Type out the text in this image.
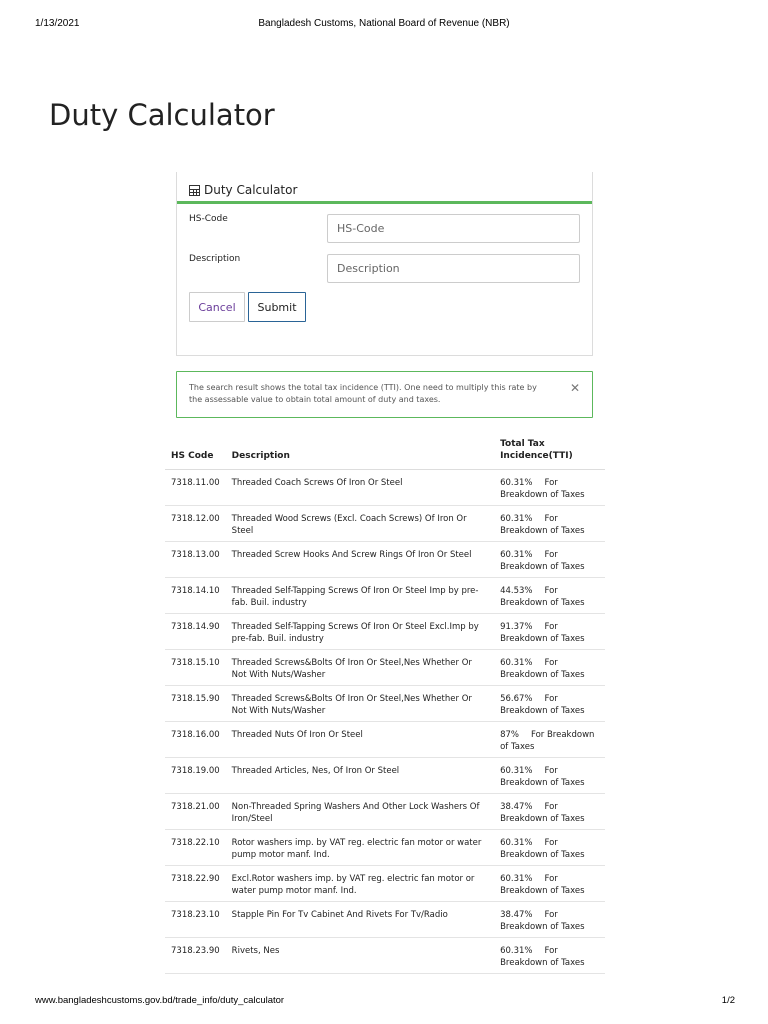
1/13/2021	Bangladesh Customs, National Board of Revenue (NBR)
Duty Calculator
Duty Calculator
HS-Code
HS-Code
Description
Description
Cancel	Submit
The search result shows the total tax incidence (TTI). One need to multiply this rate by the assessable value to obtain total amount of duty and taxes.
✕
HS Code	Description	Total Tax Incidence(TTI)
7318.11.00	Threaded Coach Screws Of Iron Or Steel	60.31% For Breakdown of Taxes
7318.12.00	Threaded Wood Screws (Excl. Coach Screws) Of Iron Or Steel	60.31% For Breakdown of Taxes
7318.13.00	Threaded Screw Hooks And Screw Rings Of Iron Or Steel	60.31% For Breakdown of Taxes
7318.14.10	Threaded Self-Tapping Screws Of Iron Or Steel Imp by pre-fab. Buil. industry	44.53% For Breakdown of Taxes
7318.14.90	Threaded Self-Tapping Screws Of Iron Or Steel Excl.Imp by pre-fab. Buil. industry	91.37% For Breakdown of Taxes
7318.15.10	Threaded Screws&Bolts Of Iron Or Steel,Nes Whether Or Not With Nuts/Washer	60.31% For Breakdown of Taxes
7318.15.90	Threaded Screws&Bolts Of Iron Or Steel,Nes Whether Or Not With Nuts/Washer	56.67% For Breakdown of Taxes
7318.16.00	Threaded Nuts Of Iron Or Steel	87% For Breakdown of Taxes
7318.19.00	Threaded Articles, Nes, Of Iron Or Steel	60.31% For Breakdown of Taxes
7318.21.00	Non-Threaded Spring Washers And Other Lock Washers Of Iron/Steel	38.47% For Breakdown of Taxes
7318.22.10	Rotor washers imp. by VAT reg. electric fan motor or water pump motor manf. Ind.	60.31% For Breakdown of Taxes
7318.22.90	Excl.Rotor washers imp. by VAT reg. electric fan motor or water pump motor manf. Ind.	60.31% For Breakdown of Taxes
7318.23.10	Stapple Pin For Tv Cabinet And Rivets For Tv/Radio	38.47% For Breakdown of Taxes
7318.23.90	Rivets, Nes	60.31% For Breakdown of Taxes
www.bangladeshcustoms.gov.bd/trade_info/duty_calculator	1/2
